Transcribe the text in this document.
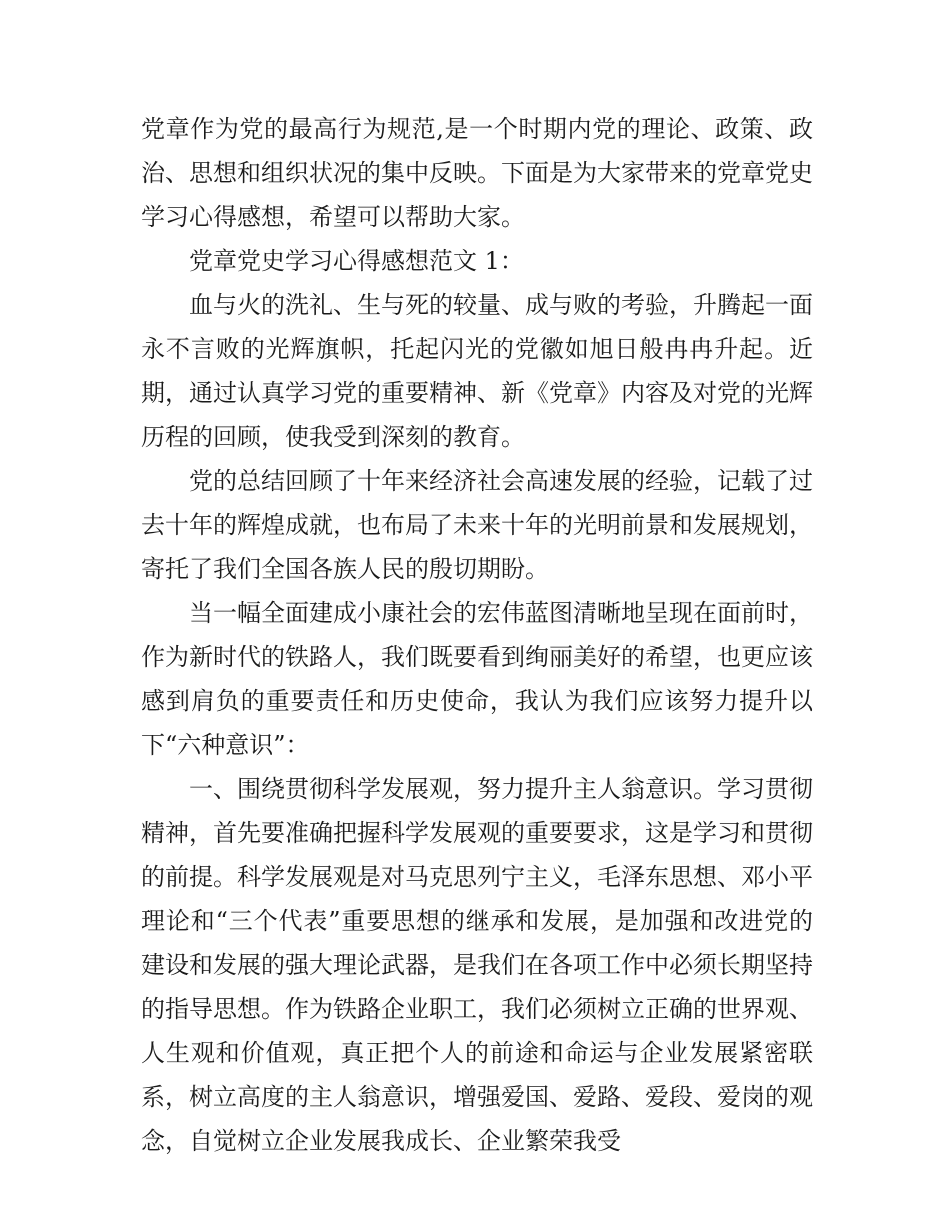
党章作为党的最高行为规范,是一个时期内党的理论、政策、政治、思想和组织状况的集中反映。下面是为大家带来的党章党史学习心得感想，希望可以帮助大家。

党章党史学习心得感想范文 1：

血与火的洗礼、生与死的较量、成与败的考验，升腾起一面永不言败的光辉旗帜，托起闪光的党徽如旭日般冉冉升起。近期，通过认真学习党的重要精神、新《党章》内容及对党的光辉历程的回顾，使我受到深刻的教育。

党的总结回顾了十年来经济社会高速发展的经验，记载了过去十年的辉煌成就，也布局了未来十年的光明前景和发展规划，寄托了我们全国各族人民的殷切期盼。

当一幅全面建成小康社会的宏伟蓝图清晰地呈现在面前时，作为新时代的铁路人，我们既要看到绚丽美好的希望，也更应该感到肩负的重要责任和历史使命，我认为我们应该努力提升以下“六种意识”：

一、围绕贯彻科学发展观，努力提升主人翁意识。学习贯彻精神，首先要准确把握科学发展观的重要要求，这是学习和贯彻的前提。科学发展观是对马克思列宁主义，毛泽东思想、邓小平理论和“三个代表”重要思想的继承和发展，是加强和改进党的建设和发展的强大理论武器，是我们在各项工作中必须长期坚持的指导思想。作为铁路企业职工，我们必须树立正确的世界观、人生观和价值观，真正把个人的前途和命运与企业发展紧密联系，树立高度的主人翁意识，增强爱国、爱路、爱段、爱岗的观念，自觉树立企业发展我成长、企业繁荣我受
